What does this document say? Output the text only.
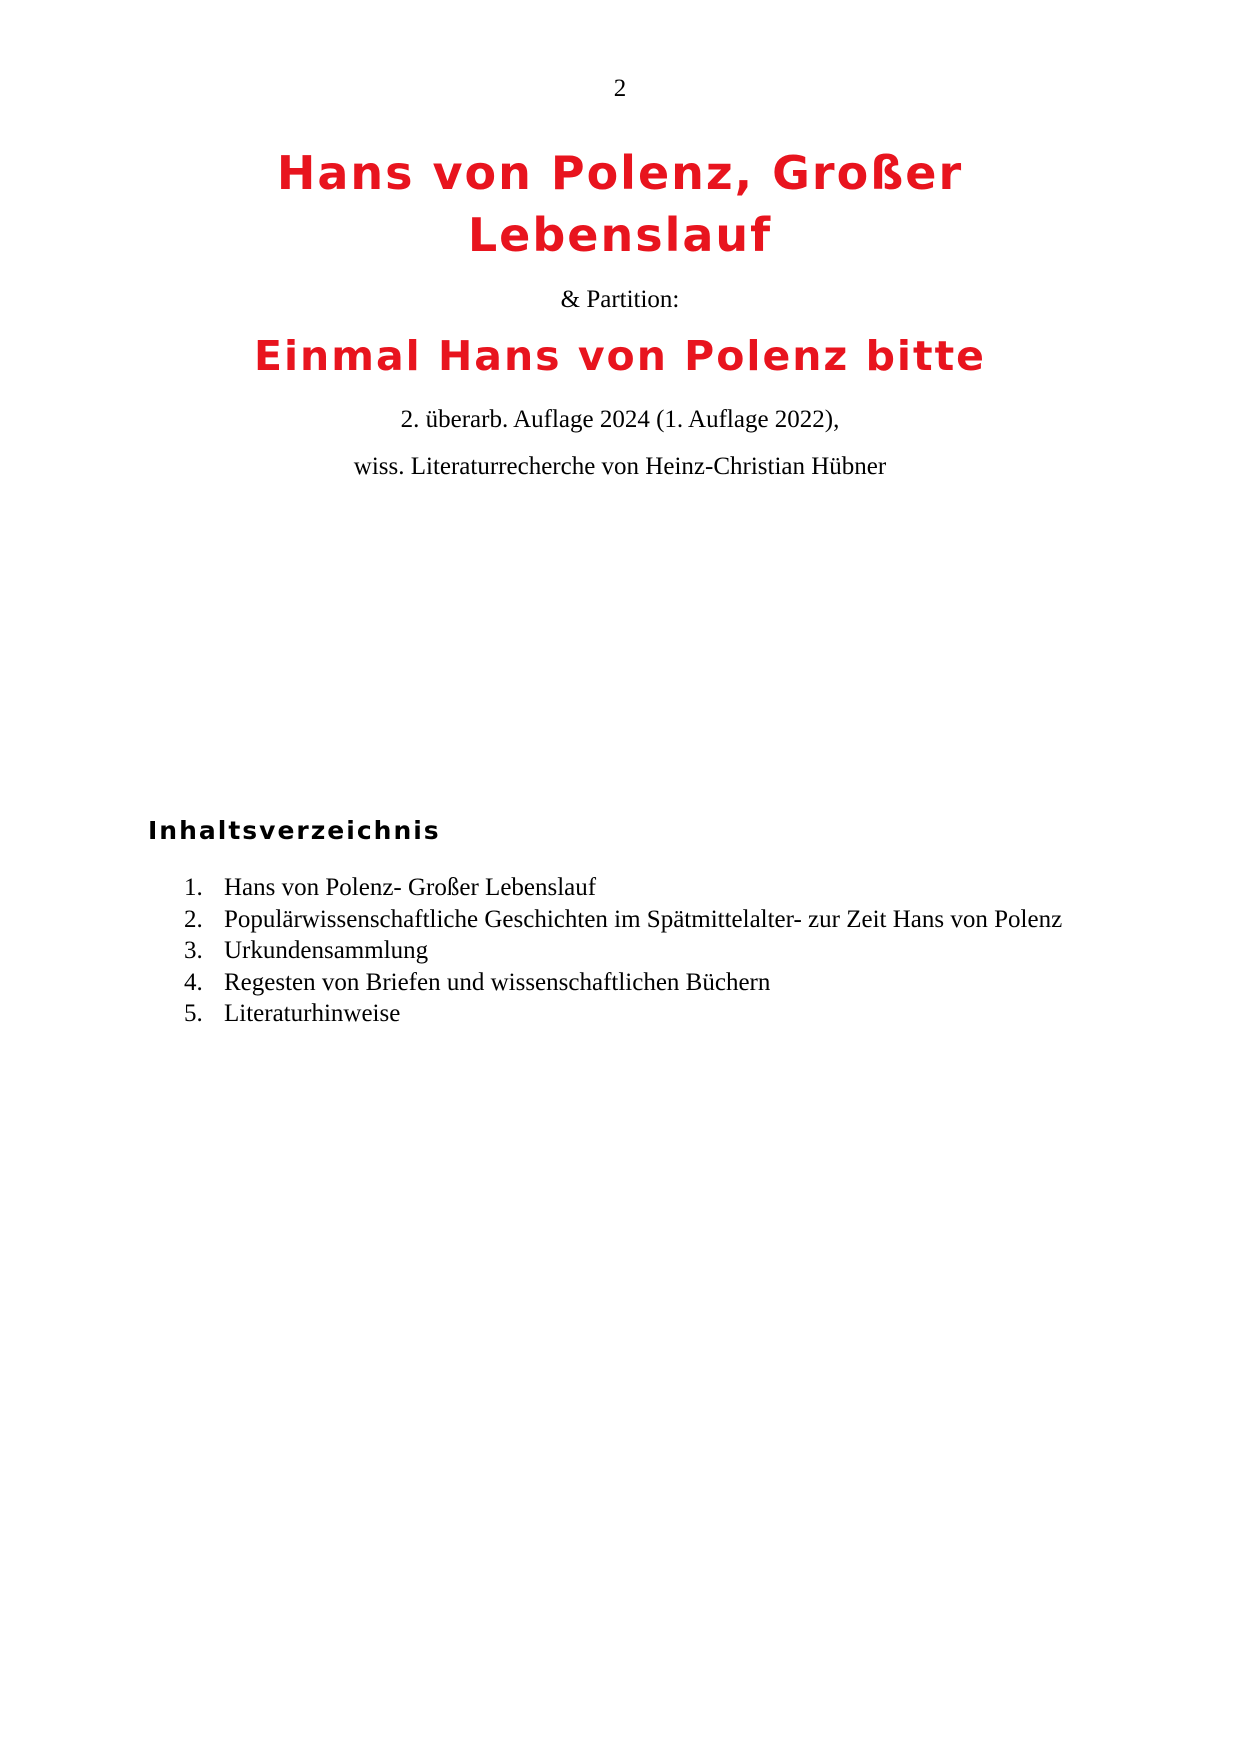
2
Hans von Polenz, Großer
Lebenslauf
& Partition:
Einmal Hans von Polenz bitte
2. überarb. Auflage 2024 (1. Auflage 2022),
wiss. Literaturrecherche von Heinz-Christian Hübner
Inhaltsverzeichnis
1. Hans von Polenz- Großer Lebenslauf
2. Populärwissenschaftliche Geschichten im Spätmittelalter- zur Zeit Hans von Polenz
3. Urkundensammlung
4. Regesten von Briefen und wissenschaftlichen Büchern
5. Literaturhinweise
